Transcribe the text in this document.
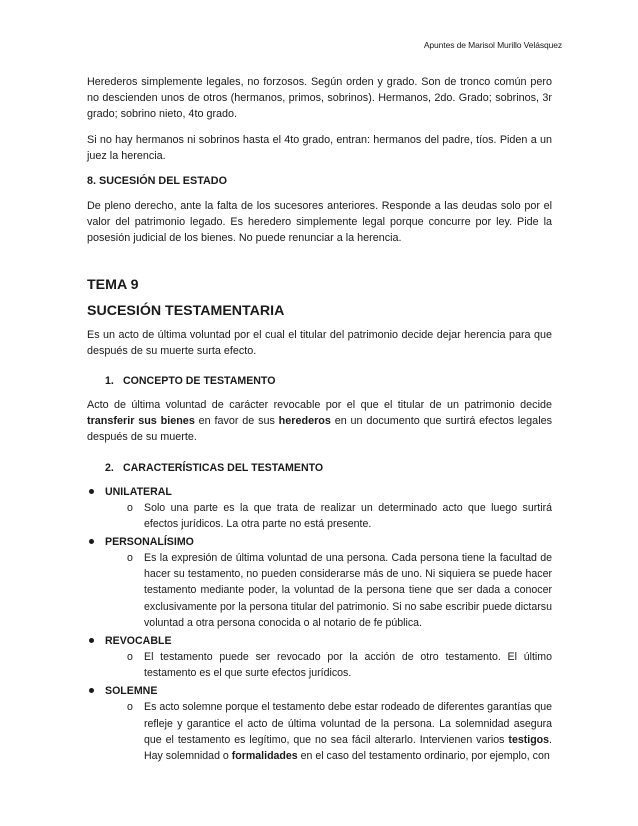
Apuntes de Marisol Murillo Velásquez

Herederos simplemente legales, no forzosos. Según orden y grado. Son de tronco común pero no descienden unos de otros (hermanos, primos, sobrinos). Hermanos, 2do. Grado; sobrinos, 3r grado; sobrino nieto, 4to grado.

Si no hay hermanos ni sobrinos hasta el 4to grado, entran: hermanos del padre, tíos. Piden a un juez la herencia.

8. SUCESIÓN DEL ESTADO

De pleno derecho, ante la falta de los sucesores anteriores. Responde a las deudas solo por el valor del patrimonio legado. Es heredero simplemente legal porque concurre por ley. Pide la posesión judicial de los bienes. No puede renunciar a la herencia.

TEMA 9
SUCESIÓN TESTAMENTARIA

Es un acto de última voluntad por el cual el titular del patrimonio decide dejar herencia para que después de su muerte surta efecto.

1. CONCEPTO DE TESTAMENTO

Acto de última voluntad de carácter revocable por el que el titular de un patrimonio decide transferir sus bienes en favor de sus herederos en un documento que surtirá efectos legales después de su muerte.

2. CARACTERÍSTICAS DEL TESTAMENTO
UNILATERAL
o Solo una parte es la que trata de realizar un determinado acto que luego surtirá efectos jurídicos. La otra parte no está presente.
PERSONALÍSIMO
o Es la expresión de última voluntad de una persona. Cada persona tiene la facultad de hacer su testamento, no pueden considerarse más de uno. Ni siquiera se puede hacer testamento mediante poder, la voluntad de la persona tiene que ser dada a conocer exclusivamente por la persona titular del patrimonio. Si no sabe escribir puede dictarsu voluntad a otra persona conocida o al notario de fe pública.
REVOCABLE
o El testamento puede ser revocado por la acción de otro testamento. El último testamento es el que surte efectos jurídicos.
SOLEMNE
o Es acto solemne porque el testamento debe estar rodeado de diferentes garantías que refleje y garantice el acto de última voluntad de la persona. La solemnidad asegura que el testamento es legítimo, que no sea fácil alterarlo. Intervienen varios testigos. Hay solemnidad o formalidades en el caso del testamento ordinario, por ejemplo, con
